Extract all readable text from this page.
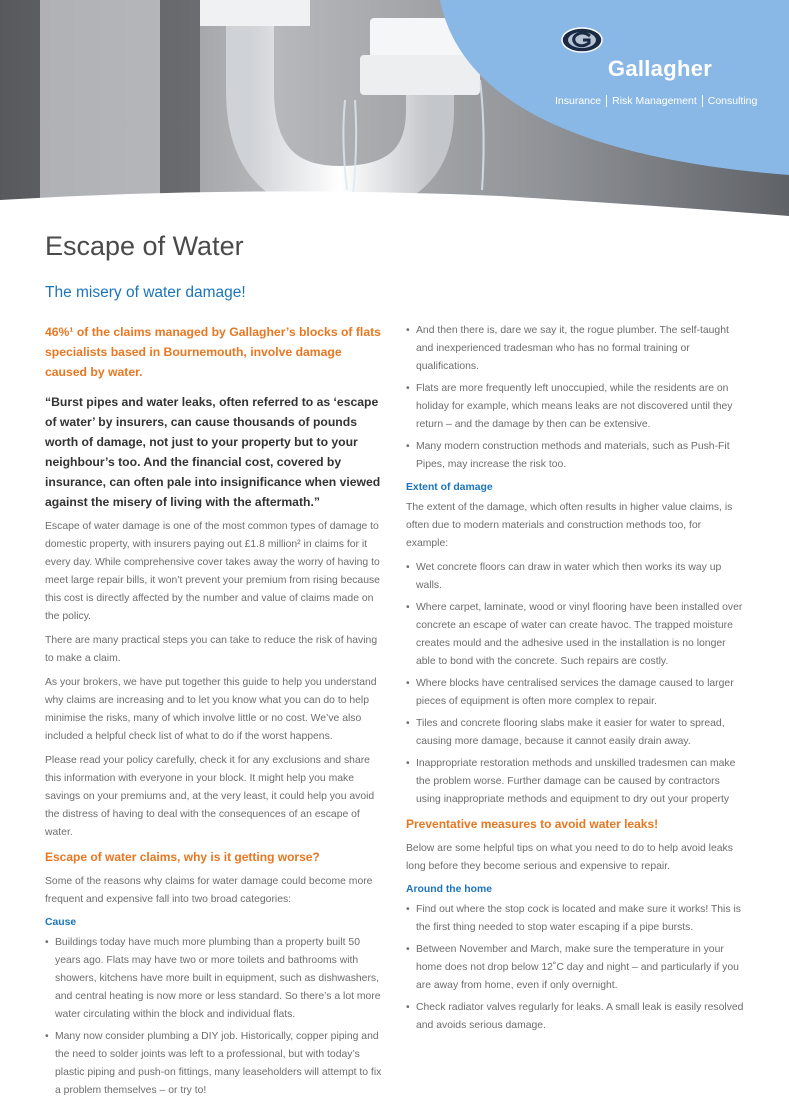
Gallagher
Insurance Risk Management Consulting
Escape of Water
The misery of water damage!

46%¹ of the claims managed by Gallagher’s blocks of flats specialists based in Bournemouth, involve damage caused by water.

“Burst pipes and water leaks, often referred to as ‘escape of water’ by insurers, can cause thousands of pounds worth of damage, not just to your property but to your neighbour’s too. And the financial cost, covered by insurance, can often pale into insignificance when viewed against the misery of living with the aftermath.”

Escape of water damage is one of the most common types of damage to domestic property, with insurers paying out £1.8 million² in claims for it every day. While comprehensive cover takes away the worry of having to meet large repair bills, it won’t prevent your premium from rising because this cost is directly affected by the number and value of claims made on the policy.

There are many practical steps you can take to reduce the risk of having to make a claim.

As your brokers, we have put together this guide to help you understand why claims are increasing and to let you know what you can do to help minimise the risks, many of which involve little or no cost. We’ve also included a helpful check list of what to do if the worst happens.

Please read your policy carefully, check it for any exclusions and share this information with everyone in your block. It might help you make savings on your premiums and, at the very least, it could help you avoid the distress of having to deal with the consequences of an escape of water.

Escape of water claims, why is it getting worse?

Some of the reasons why claims for water damage could become more frequent and expensive fall into two broad categories:

Cause
• Buildings today have much more plumbing than a property built 50 years ago. Flats may have two or more toilets and bathrooms with showers, kitchens have more built in equipment, such as dishwashers, and central heating is now more or less standard. So there’s a lot more water circulating within the block and individual flats.
• Many now consider plumbing a DIY job. Historically, copper piping and the need to solder joints was left to a professional, but with today’s plastic piping and push-on fittings, many leaseholders will attempt to fix a problem themselves – or try to!
• And then there is, dare we say it, the rogue plumber. The self-taught and inexperienced tradesman who has no formal training or qualifications.
• Flats are more frequently left unoccupied, while the residents are on holiday for example, which means leaks are not discovered until they return – and the damage by then can be extensive.
• Many modern construction methods and materials, such as Push-Fit Pipes, may increase the risk too.
Extent of damage

The extent of the damage, which often results in higher value claims, is often due to modern materials and construction methods too, for example:

• Wet concrete floors can draw in water which then works its way up walls.
• Where carpet, laminate, wood or vinyl flooring have been installed over concrete an escape of water can create havoc. The trapped moisture creates mould and the adhesive used in the installation is no longer able to bond with the concrete. Such repairs are costly.
• Where blocks have centralised services the damage caused to larger pieces of equipment is often more complex to repair.
• Tiles and concrete flooring slabs make it easier for water to spread, causing more damage, because it cannot easily drain away.
• Inappropriate restoration methods and unskilled tradesmen can make the problem worse. Further damage can be caused by contractors using inappropriate methods and equipment to dry out your property
Preventative measures to avoid water leaks!

Below are some helpful tips on what you need to do to help avoid leaks long before they become serious and expensive to repair.

Around the home
• Find out where the stop cock is located and make sure it works! This is the first thing needed to stop water escaping if a pipe bursts.
• Between November and March, make sure the temperature in your home does not drop below 12˚C day and night – and particularly if you are away from home, even if only overnight.
• Check radiator valves regularly for leaks. A small leak is easily resolved and avoids serious damage.
